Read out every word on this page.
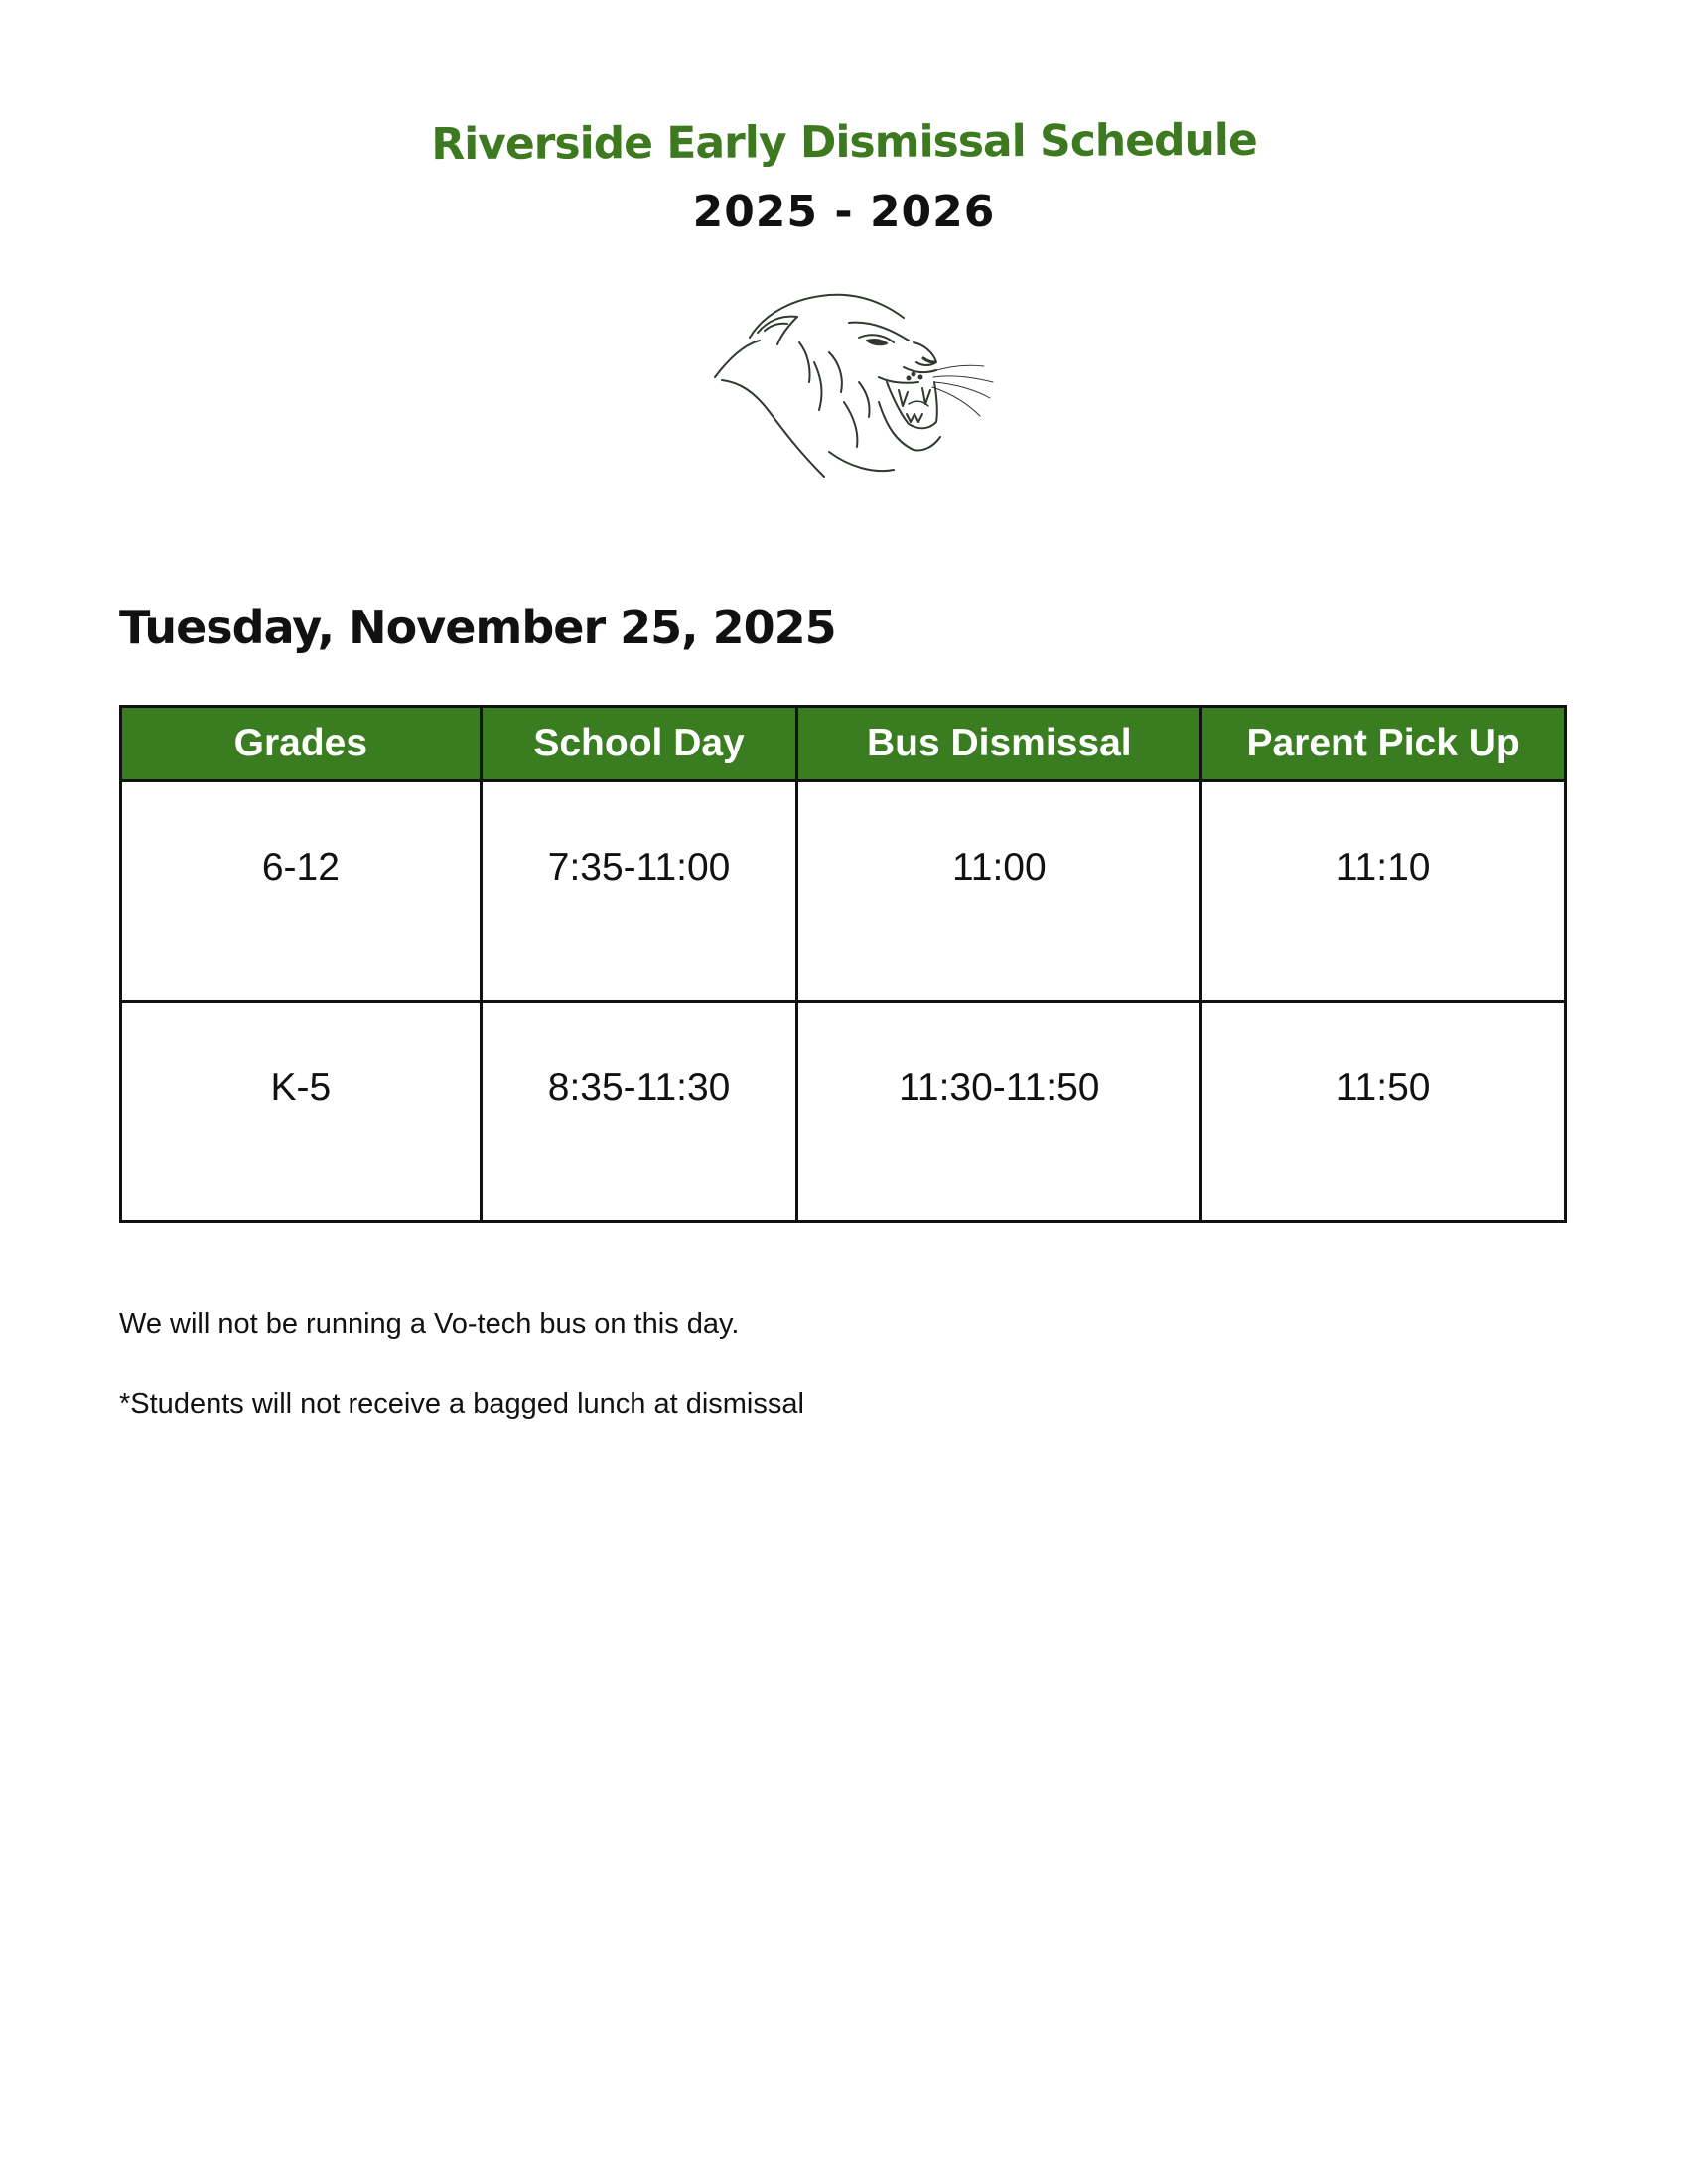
Riverside Early Dismissal Schedule
2025 - 2026
Tuesday, November 25, 2025
Grades	School Day	Bus Dismissal	Parent Pick Up

6-12	7:35-11:00	11:00	11:10

K-5	8:35-11:30	11:30-11:50	11:50
We will not be running a Vo-tech bus on this day.
*Students will not receive a bagged lunch at dismissal
